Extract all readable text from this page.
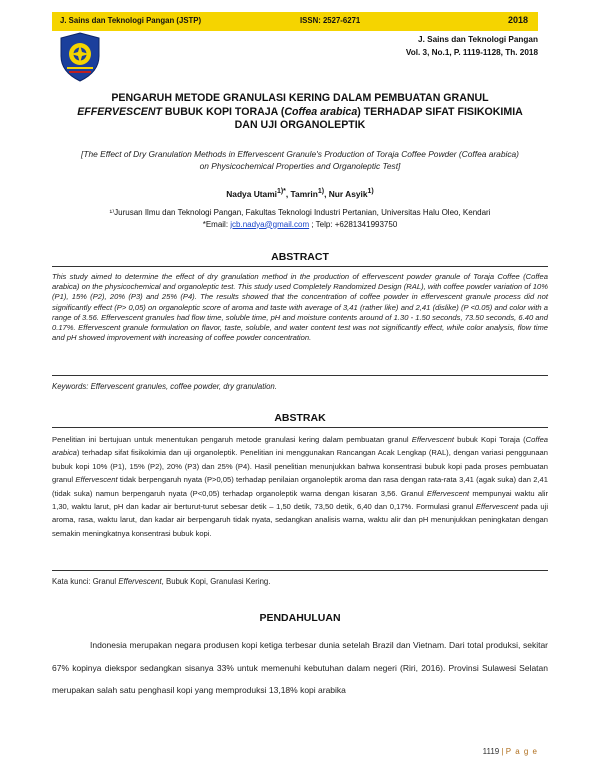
J. Sains dan Teknologi Pangan (JSTP)	ISSN: 2527-6271	2018
J. Sains dan Teknologi Pangan
Vol. 3, No.1, P. 1119-1128, Th. 2018
PENGARUH METODE GRANULASI KERING DALAM PEMBUATAN GRANUL
EFFERVESCENT BUBUK KOPI TORAJA (Coffea arabica) TERHADAP SIFAT FISIKOKIMIA
DAN UJI ORGANOLEPTIK
[The Effect of Dry Granulation Methods in Effervescent Granule's Production of Toraja Coffee Powder (Coffea arabica) on Physicochemical Properties and Organoleptic Test]
Nadya Utami$^{1)*}$, Tamrin$^{1)}$, Nur Asyik$^{1)}$
¹⁾Jurusan Ilmu dan Teknologi Pangan, Fakultas Teknologi Industri Pertanian, Universitas Halu Oleo, Kendari
*Email: jcb.nadya@gmail.com ; Telp: +6281341993750
ABSTRACT
This study aimed to determine the effect of dry granulation method in the production of effervescent powder granule of Toraja Coffee (Coffea arabica) on the physicochemical and organoleptic test. This study used Completely Randomized Design (RAL), with coffee powder variation of 10% (P1), 15% (P2), 20% (P3) and 25% (P4). The results showed that the concentration of coffee powder in effervescent granule process did not significantly effect (P> 0,05) on organoleptic score of aroma and taste with average of 3,41 (rather like) and 2,41 (dislike) (P <0.05) and color with a range of 3.56. Effervescent granules had flow time, soluble time, pH and moisture contents around of 1.30 - 1.50 seconds, 73.50 seconds, 6.40 and 0.17%. Effervescent granule formulation on flavor, taste, soluble, and water content test was not significantly effect, while color analysis, flow time and pH showed improvement with increasing of coffee powder concentration.
Keywords: Effervescent granules, coffee powder, dry granulation.
ABSTRAK
Penelitian ini bertujuan untuk menentukan pengaruh metode granulasi kering dalam pembuatan granul Effervescent bubuk Kopi Toraja (Coffea arabica) terhadap sifat fisikokimia dan uji organoleptik. Penelitian ini menggunakan Rancangan Acak Lengkap (RAL), dengan variasi penggunaan bubuk kopi 10% (P1), 15% (P2), 20% (P3) dan 25% (P4). Hasil penelitian menunjukkan bahwa konsentrasi bubuk kopi pada proses pembuatan granul Effervescent tidak berpengaruh nyata (P>0,05) terhadap penilaian organoleptik aroma dan rasa dengan rata-rata 3,41 (agak suka) dan 2,41 (tidak suka) namun berpengaruh nyata (P<0,05) terhadap organoleptik warna dengan kisaran 3,56. Granul Effervescent mempunyai waktu alir 1,30, waktu larut, pH dan kadar air berturut-turut sebesar detik – 1,50 detik, 73,50 detik, 6,40 dan 0,17%. Formulasi granul Effervescent pada uji aroma, rasa, waktu larut, dan kadar air berpengaruh tidak nyata, sedangkan analisis warna, waktu alir dan pH menunjukkan peningkatan dengan semakin meningkatnya konsentrasi bubuk kopi.
Kata kunci: Granul Effervescent, Bubuk Kopi, Granulasi Kering.
PENDAHULUAN
Indonesia merupakan negara produsen kopi ketiga terbesar dunia setelah Brazil dan Vietnam. Dari total produksi, sekitar 67% kopinya diekspor sedangkan sisanya 33% untuk memenuhi kebutuhan dalam negeri (Riri, 2016). Provinsi Sulawesi Selatan merupakan salah satu penghasil kopi yang memproduksi 13,18% kopi arabika
1119 | P a g e
